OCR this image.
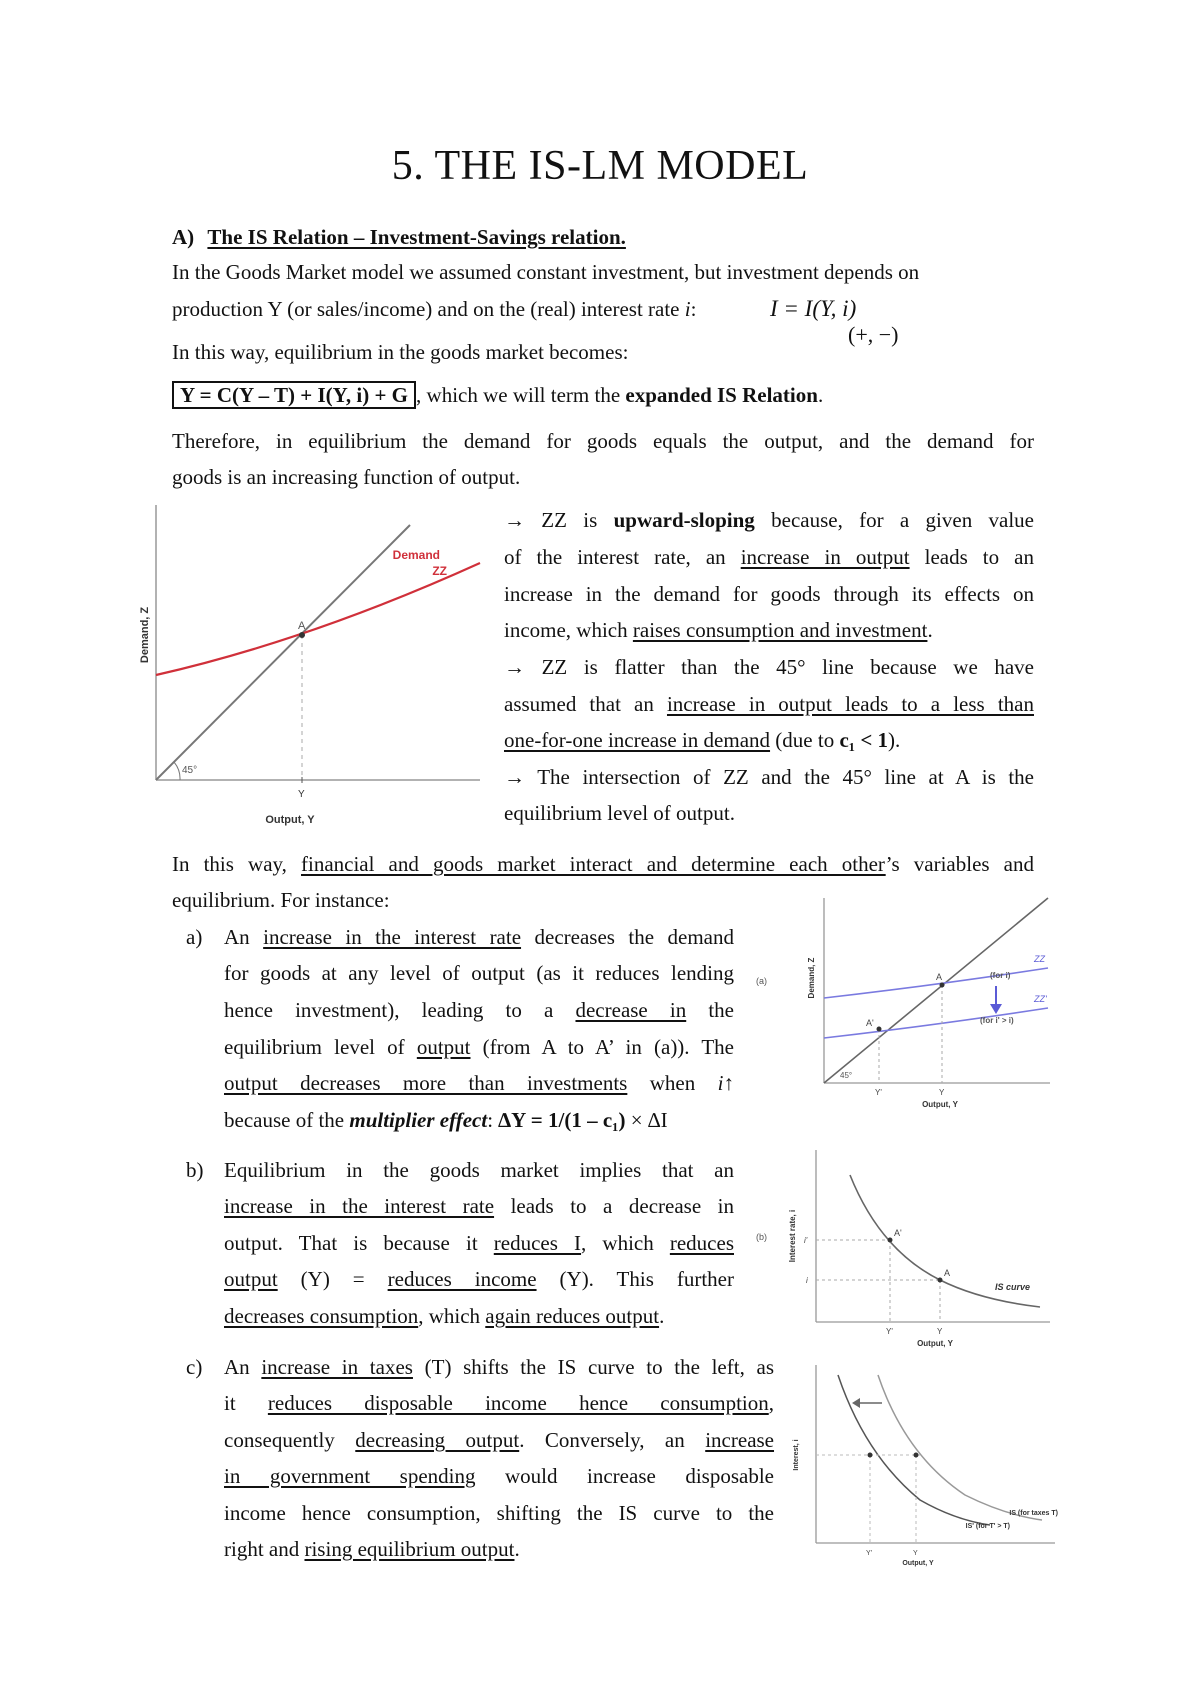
5. THE IS-LM MODEL
A) The IS Relation – Investment-Savings relation.
In the Goods Market model we assumed constant investment, but investment depends on
production Y (or sales/income) and on the (real) interest rate i:	I = I(Y, i)
(+, −)
In this way, equilibrium in the goods market becomes:
Y = C(Y – T) + I(Y, i) + G , which we will term the expanded IS Relation.
Therefore, in equilibrium the demand for goods equals the output, and the demand for
goods is an increasing function of output.
A
45°
Demand
ZZ
Y
Output, Y
Demand, Z
→ ZZ is upward-sloping because, for a given value
of the interest rate, an increase in output leads to an
increase in the demand for goods through its effects on
income, which raises consumption and investment.
→ ZZ is flatter than the 45° line because we have
assumed that an increase in output leads to a less than
one-for-one increase in demand (due to c₁ < 1).
→ The intersection of ZZ and the 45° line at A is the
equilibrium level of output.
In this way, financial and goods market interact and determine each other’s variables and
equilibrium. For instance:
a) An increase in the interest rate decreases the demand
for goods at any level of output (as it reduces lending
hence investment), leading to a decrease in the
equilibrium level of output (from A to A’ in (a)). The
output decreases more than investments when i↑
because of the multiplier effect: ∆Y = 1/(1 – c₁) × ∆I
b) Equilibrium in the goods market implies that an
increase in the interest rate leads to a decrease in
output. That is because it reduces I, which reduces
output (Y) = reduces income (Y). This further
decreases consumption, which again reduces output.
c) An increase in taxes (T) shifts the IS curve to the left, as
it reduces disposable income hence consumption,
consequently decreasing output. Conversely, an increase
in government spending would increase disposable
income hence consumption, shifting the IS curve to the
right and rising equilibrium output.
(a)	A
A'
ZZ
(for i)
ZZ'
(for i' > i)
45°
Y'	Y
Output, Y
Demand, Z
(b)	A'
A
i'
i
Y'	Y
IS curve
Output, Y
Interest rate, i
Y'	Y
IS (for taxes T)
IS' (for T' > T)
Output, Y
Interest, i
